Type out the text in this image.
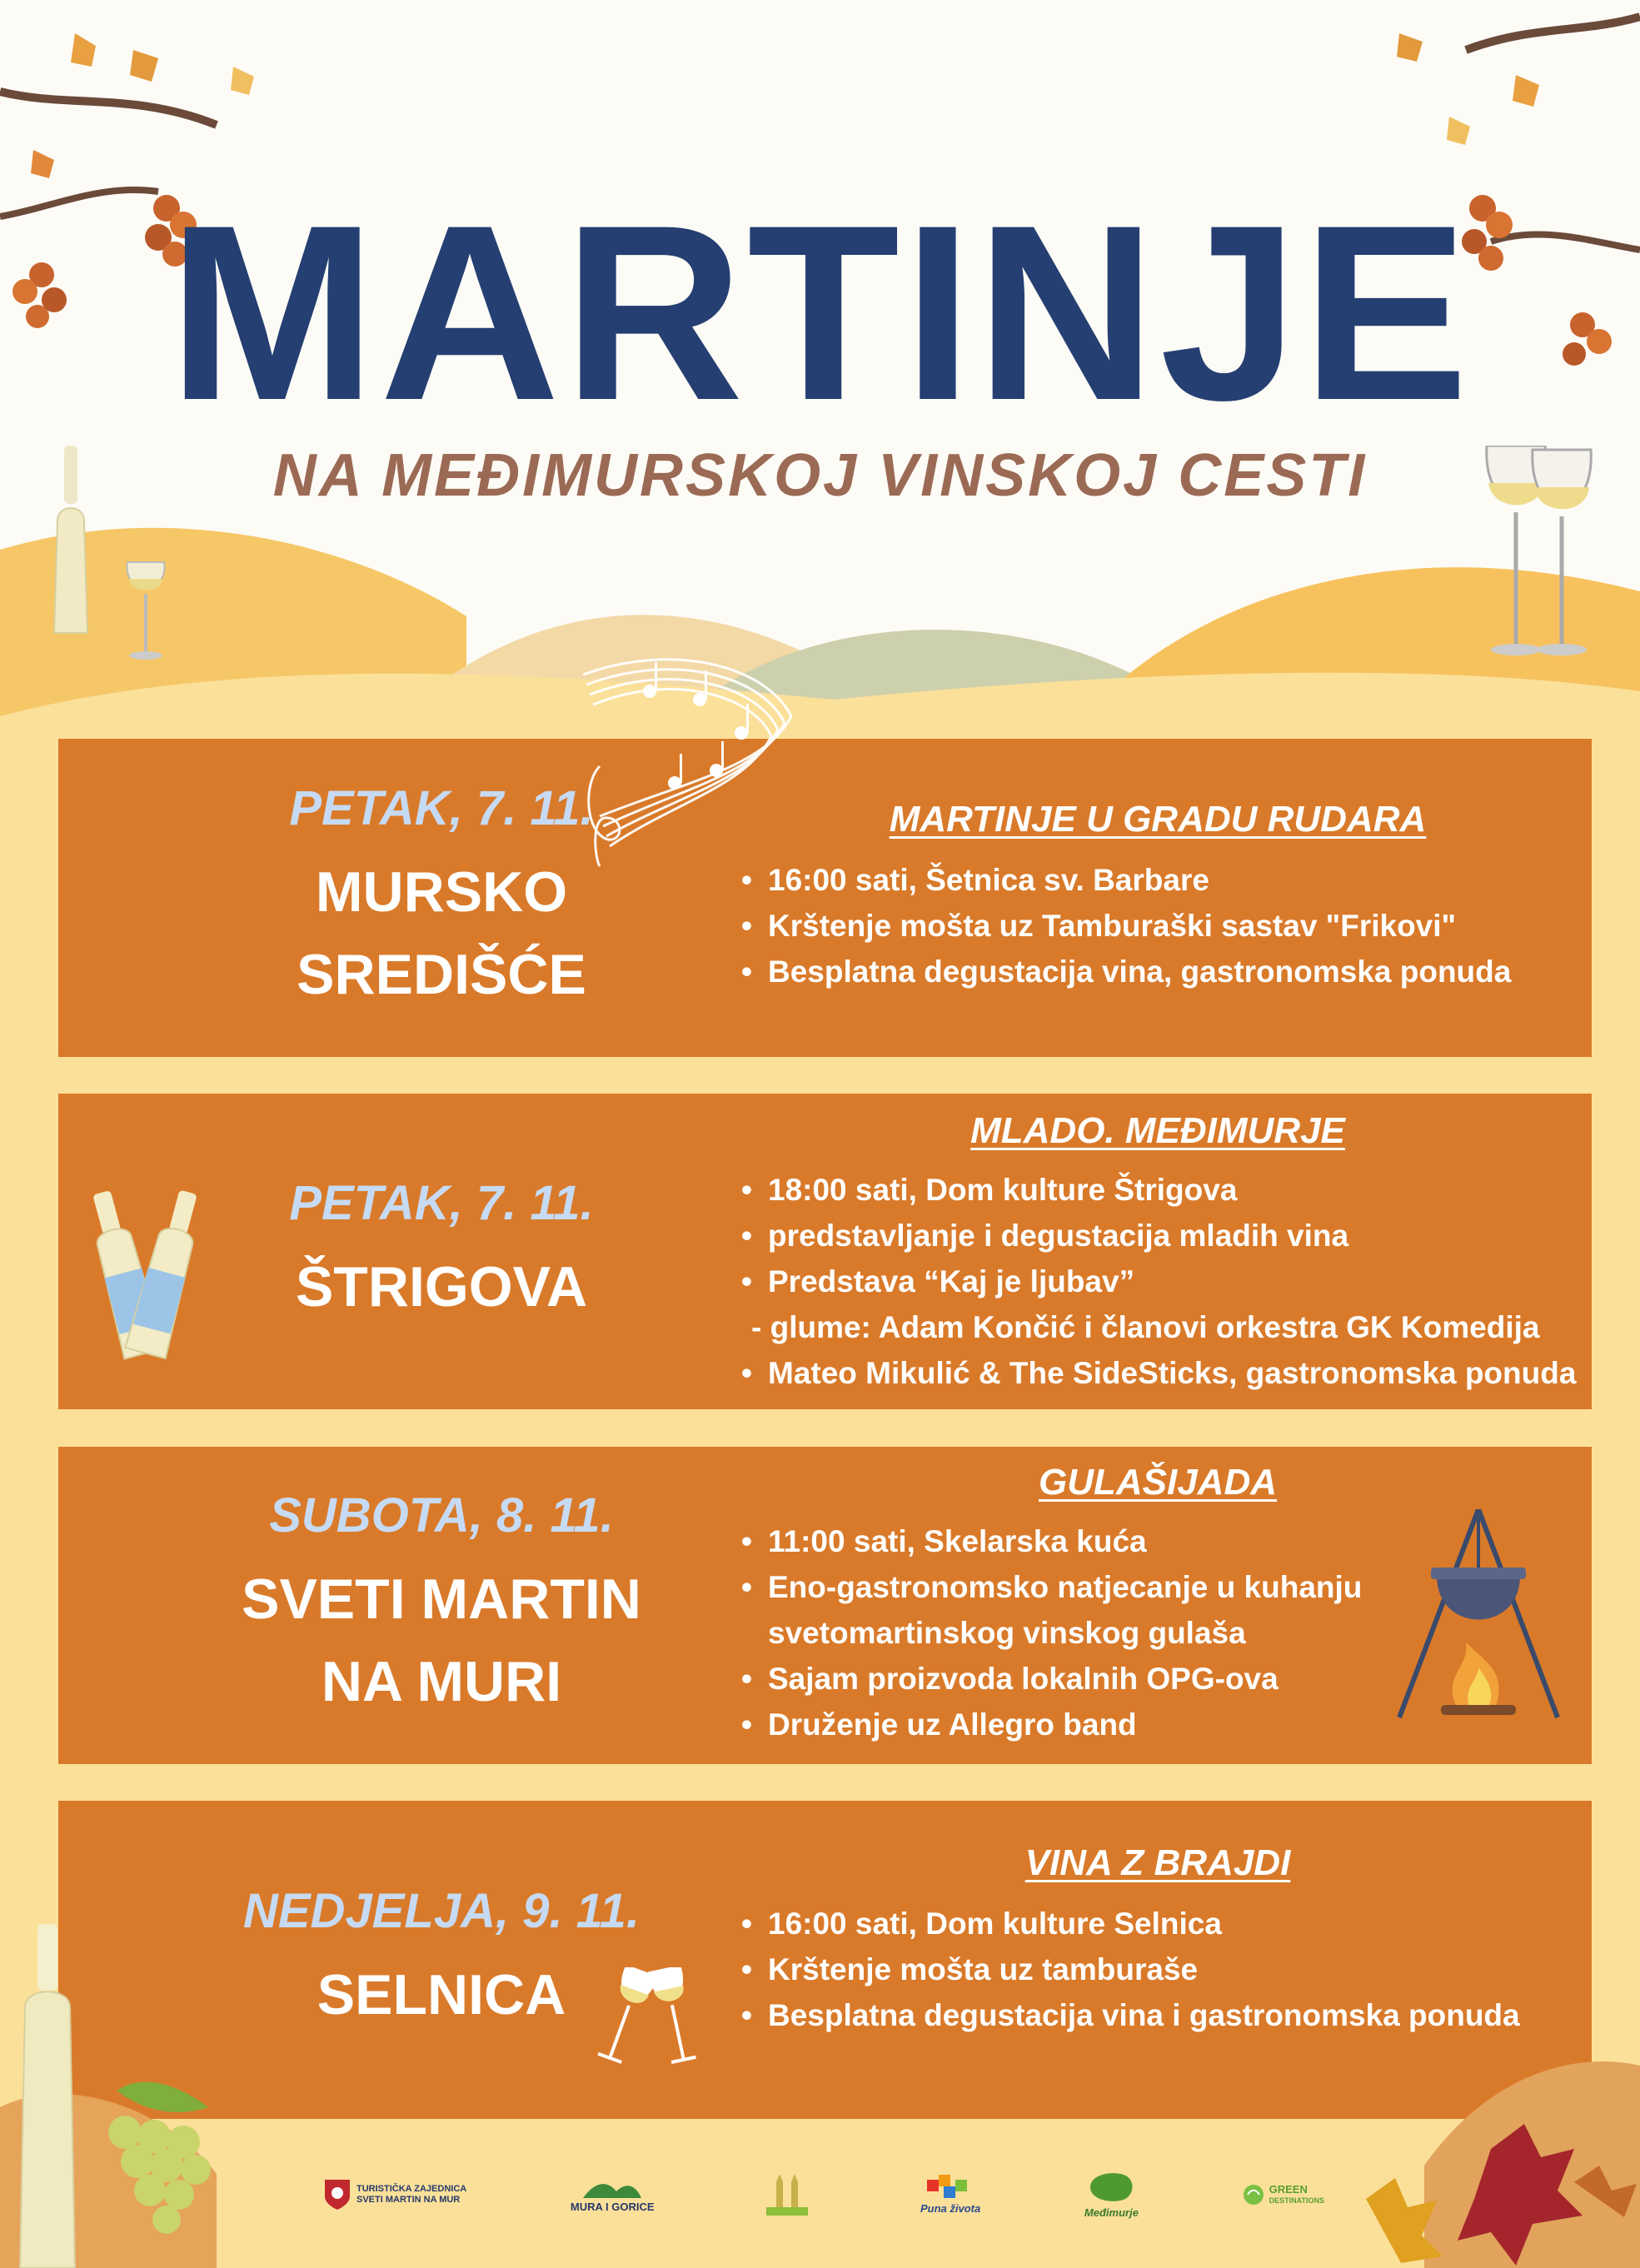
MARTINJE
NA MEĐIMURSKOJ VINSKOJ CESTI
PETAK, 7. 11.
MURSKO
SREDIŠĆE
MARTINJE U GRADU RUDARA
• 16:00 sati, Šetnica sv. Barbare
• Krštenje mošta uz Tamburaški sastav "Frikovi"
• Besplatna degustacija vina, gastronomska ponuda
PETAK, 7. 11.
ŠTRIGOVA
MLADO. MEĐIMURJE
• 18:00 sati, Dom kulture Štrigova
• predstavljanje i degustacija mladih vina
• Predstava “Kaj je ljubav”
- glume: Adam Končić i članovi orkestra GK Komedija
• Mateo Mikulić & The SideSticks, gastronomska ponuda
SUBOTA, 8. 11.
SVETI MARTIN
NA MURI
GULAŠIJADA
• 11:00 sati, Skelarska kuća
• Eno-gastronomsko natjecanje u kuhanju
svetomartinskog vinskog gulaša
• Sajam proizvoda lokalnih OPG-ova
• Druženje uz Allegro band
NEDJELJA, 9. 11.
SELNICA
VINA Z BRAJDI
• 16:00 sati, Dom kulture Selnica
• Krštenje mošta uz tamburaše
• Besplatna degustacija vina i gastronomska ponuda
TURISTIČKA ZAJEDNICA
SVETI MARTIN NA MUR
MURA I GORICE	Puna života	Međimurje
GREEN
DESTINATIONS
